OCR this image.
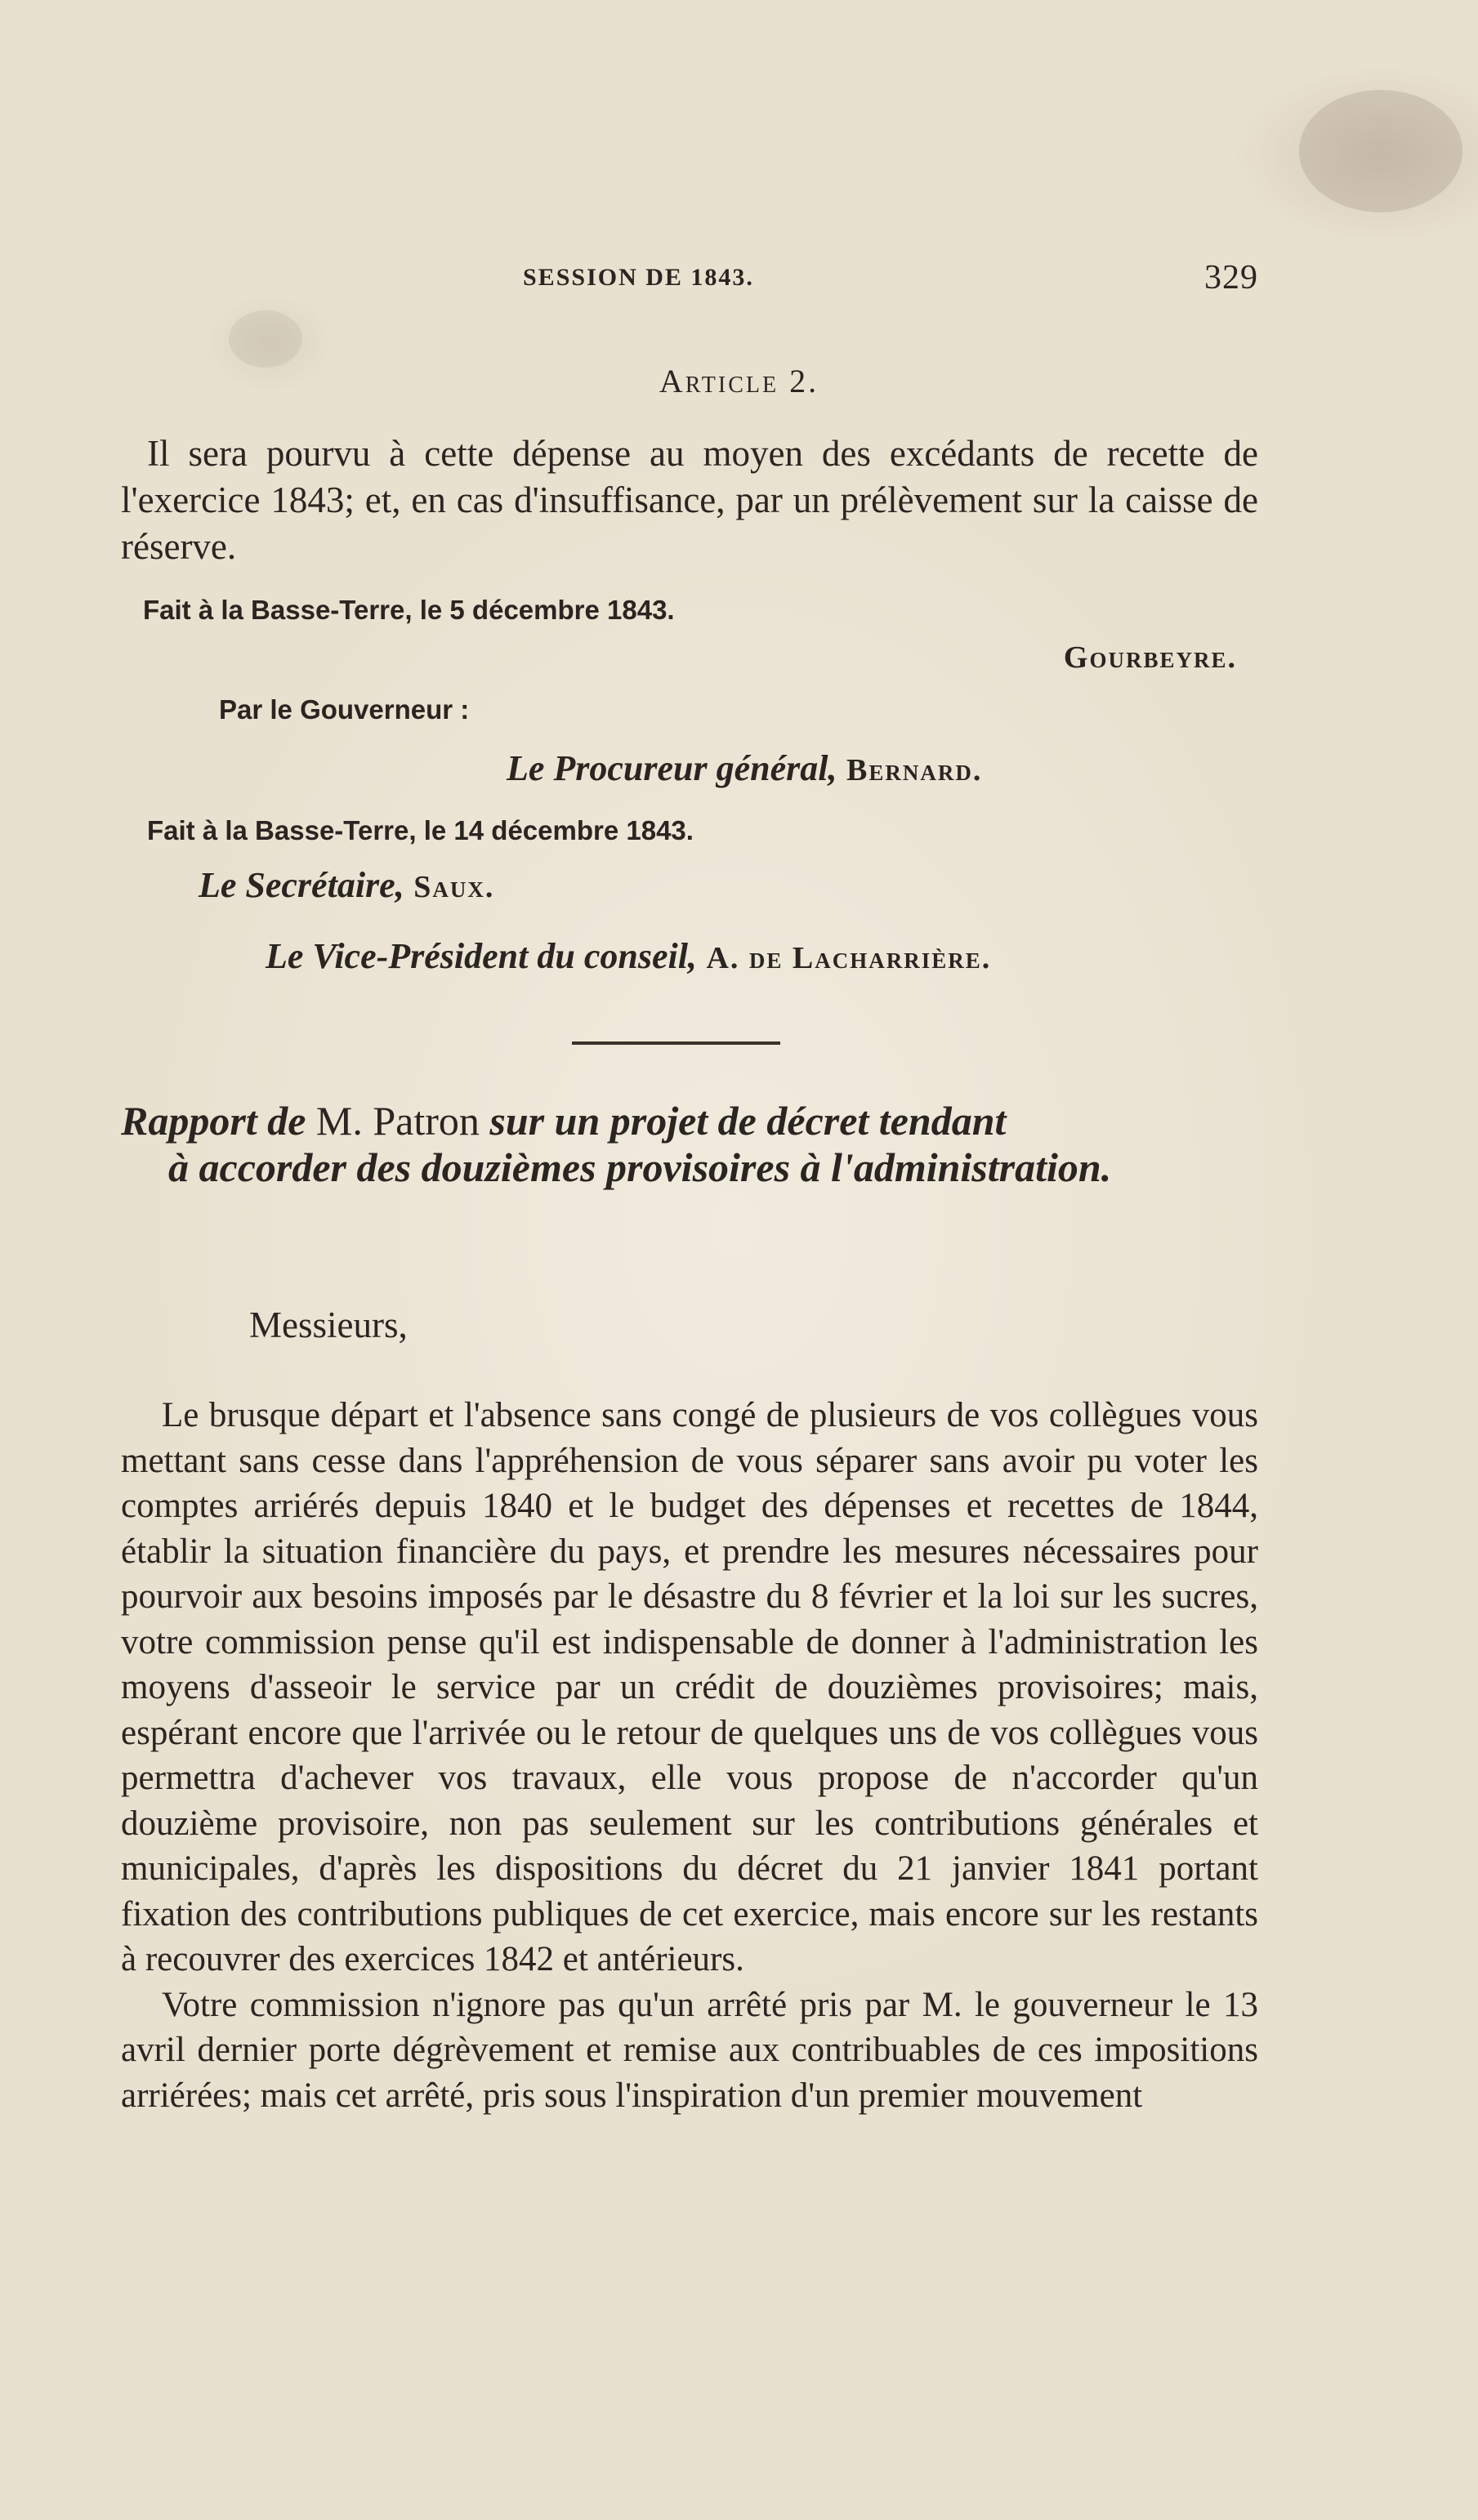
SESSION DE 1843.	329
Article 2.
Il sera pourvu à cette dépense au moyen des excédants de recette de l'exercice 1843; et, en cas d'insuffisance, par un prélèvement sur la caisse de réserve.
Fait à la Basse-Terre, le 5 décembre 1843.
Gourbeyre.
Par le Gouverneur :
Le Procureur général, Bernard.
Fait à la Basse-Terre, le 14 décembre 1843.
Le Secrétaire, Saux.
Le Vice-Président du conseil, A. de Lacharrière.
Rapport de M. Patron sur un projet de décret tendant
à accorder des douzièmes provisoires à l'administration.
Messieurs,

Le brusque départ et l'absence sans congé de plusieurs de vos collègues vous mettant sans cesse dans l'appréhension de vous séparer sans avoir pu voter les comptes arriérés depuis 1840 et le budget des dépenses et recettes de 1844, établir la situation financière du pays, et prendre les mesures nécessaires pour pourvoir aux besoins imposés par le désastre du 8 février et la loi sur les sucres, votre commission pense qu'il est indispensable de donner à l'administration les moyens d'asseoir le service par un crédit de douzièmes provisoires; mais, espérant encore que l'arrivée ou le retour de quelques uns de vos collègues vous permettra d'achever vos travaux, elle vous propose de n'accorder qu'un douzième provisoire, non pas seulement sur les contributions générales et municipales, d'après les dispositions du décret du 21 janvier 1841 portant fixation des contributions publiques de cet exercice, mais encore sur les restants à recouvrer des exercices 1842 et antérieurs.

Votre commission n'ignore pas qu'un arrêté pris par M. le gouverneur le 13 avril dernier porte dégrèvement et remise aux contribuables de ces impositions arriérées; mais cet arrêté, pris sous l'inspiration d'un premier mouvement
